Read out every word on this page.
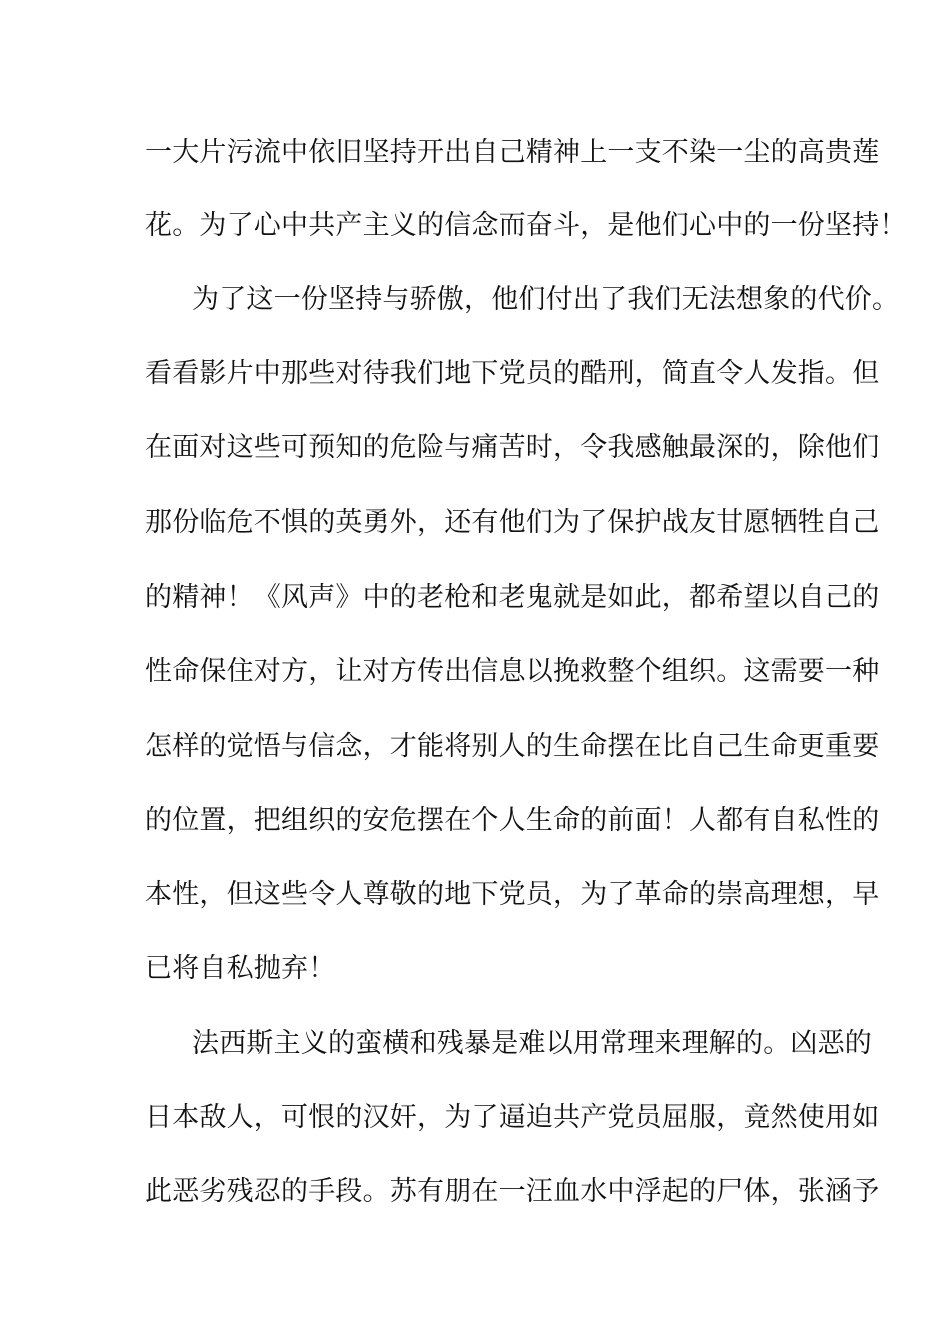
一大片污流中依旧坚持开出自己精神上一支不染一尘的高贵莲
花。为了心中共产主义的信念而奋斗，是他们心中的一份坚持！
为了这一份坚持与骄傲，他们付出了我们无法想象的代价。
看看影片中那些对待我们地下党员的酷刑，简直令人发指。但
在面对这些可预知的危险与痛苦时，令我感触最深的，除他们
那份临危不惧的英勇外，还有他们为了保护战友甘愿牺牲自己
的精神！《风声》中的老枪和老鬼就是如此，都希望以自己的
性命保住对方，让对方传出信息以挽救整个组织。这需要一种
怎样的觉悟与信念，才能将别人的生命摆在比自己生命更重要
的位置，把组织的安危摆在个人生命的前面！人都有自私性的
本性，但这些令人尊敬的地下党员，为了革命的崇高理想，早
已将自私抛弃！
法西斯主义的蛮横和残暴是难以用常理来理解的。凶恶的
日本敌人，可恨的汉奸，为了逼迫共产党员屈服，竟然使用如
此恶劣残忍的手段。苏有朋在一汪血水中浮起的尸体，张涵予
